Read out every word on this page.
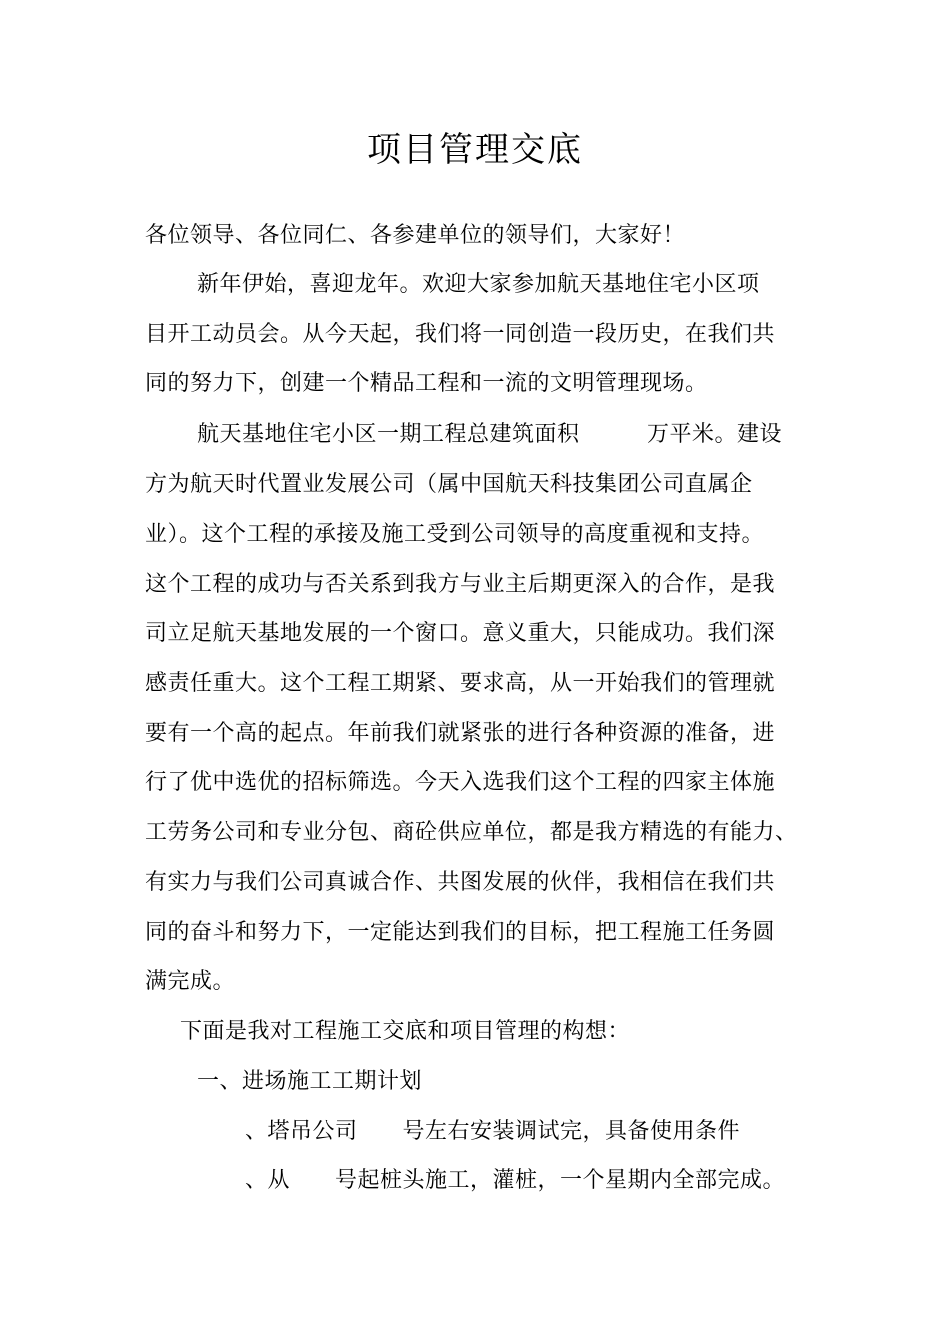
项目管理交底
各位领导、各位同仁、各参建单位的领导们，大家好！
新年伊始，喜迎龙年。欢迎大家参加航天基地住宅小区项
目开工动员会。从今天起，我们将一同创造一段历史，在我们共
同的努力下，创建一个精品工程和一流的文明管理现场。
航天基地住宅小区一期工程总建筑面积　　　万平米。建设
方为航天时代置业发展公司（属中国航天科技集团公司直属企
业）。这个工程的承接及施工受到公司领导的高度重视和支持。
这个工程的成功与否关系到我方与业主后期更深入的合作，是我
司立足航天基地发展的一个窗口。意义重大，只能成功。我们深
感责任重大。这个工程工期紧、要求高，从一开始我们的管理就
要有一个高的起点。年前我们就紧张的进行各种资源的准备，进
行了优中选优的招标筛选。今天入选我们这个工程的四家主体施
工劳务公司和专业分包、商砼供应单位，都是我方精选的有能力、
有实力与我们公司真诚合作、共图发展的伙伴，我相信在我们共
同的奋斗和努力下，一定能达到我们的目标，把工程施工任务圆
满完成。
下面是我对工程施工交底和项目管理的构想：
一、进场施工工期计划
、塔吊公司　　号左右安装调试完，具备使用条件
、从　　号起桩头施工，灌桩，一个星期内全部完成。
